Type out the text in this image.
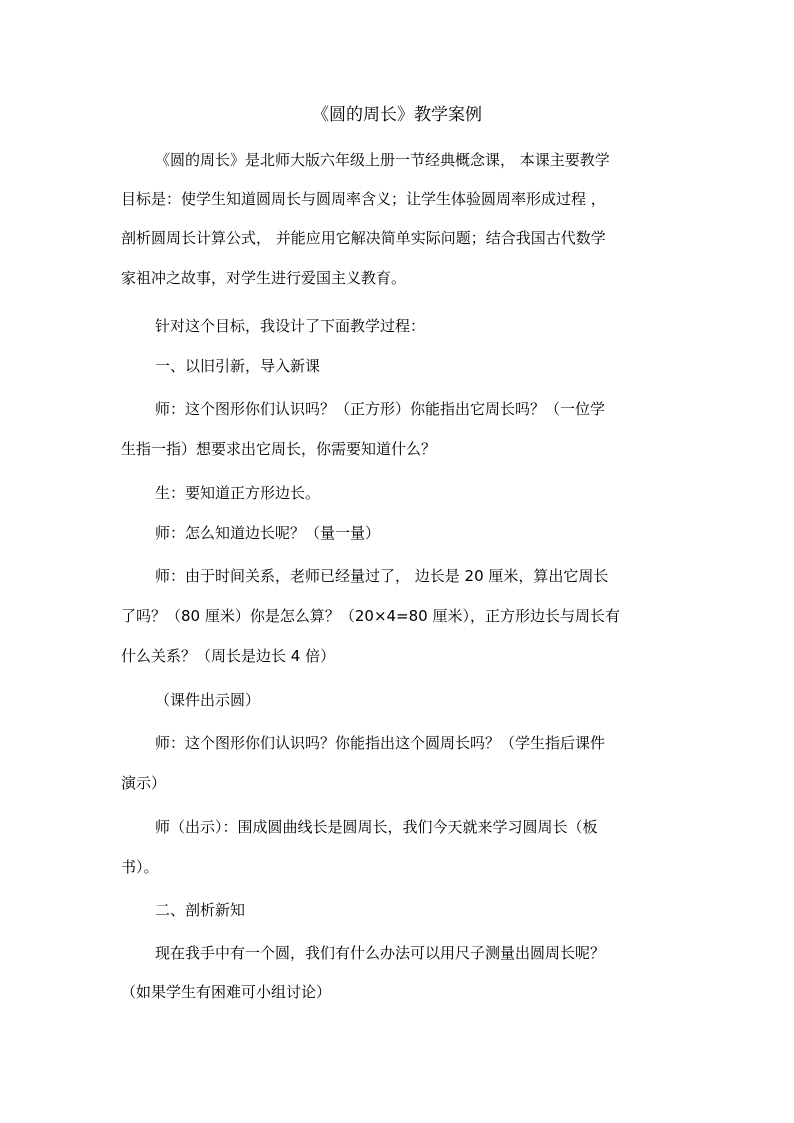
《圆的周长》教学案例
《圆的周长》是北师大版六年级上册一节经典概念课， 本课主要教学
目标是：使学生知道圆周长与圆周率含义；让学生体验圆周率形成过程 ，
剖析圆周长计算公式， 并能应用它解决简单实际问题；结合我国古代数学
家祖冲之故事，对学生进行爱国主义教育。
针对这个目标，我设计了下面教学过程：
一、以旧引新，导入新课
师：这个图形你们认识吗？（正方形）你能指出它周长吗？（一位学
生指一指）想要求出它周长，你需要知道什么？
生：要知道正方形边长。
师：怎么知道边长呢？（量一量）
师：由于时间关系，老师已经量过了， 边长是 20 厘米，算出它周长
了吗？（80 厘米）你是怎么算？（20×4=80 厘米），正方形边长与周长有
什么关系？（周长是边长 4 倍）
（课件出示圆）
师：这个图形你们认识吗？你能指出这个圆周长吗？（学生指后课件
演示）
师（出示）：围成圆曲线长是圆周长，我们今天就来学习圆周长（板
书）。
二、剖析新知
现在我手中有一个圆，我们有什么办法可以用尺子测量出圆周长呢？
（如果学生有困难可小组讨论）
